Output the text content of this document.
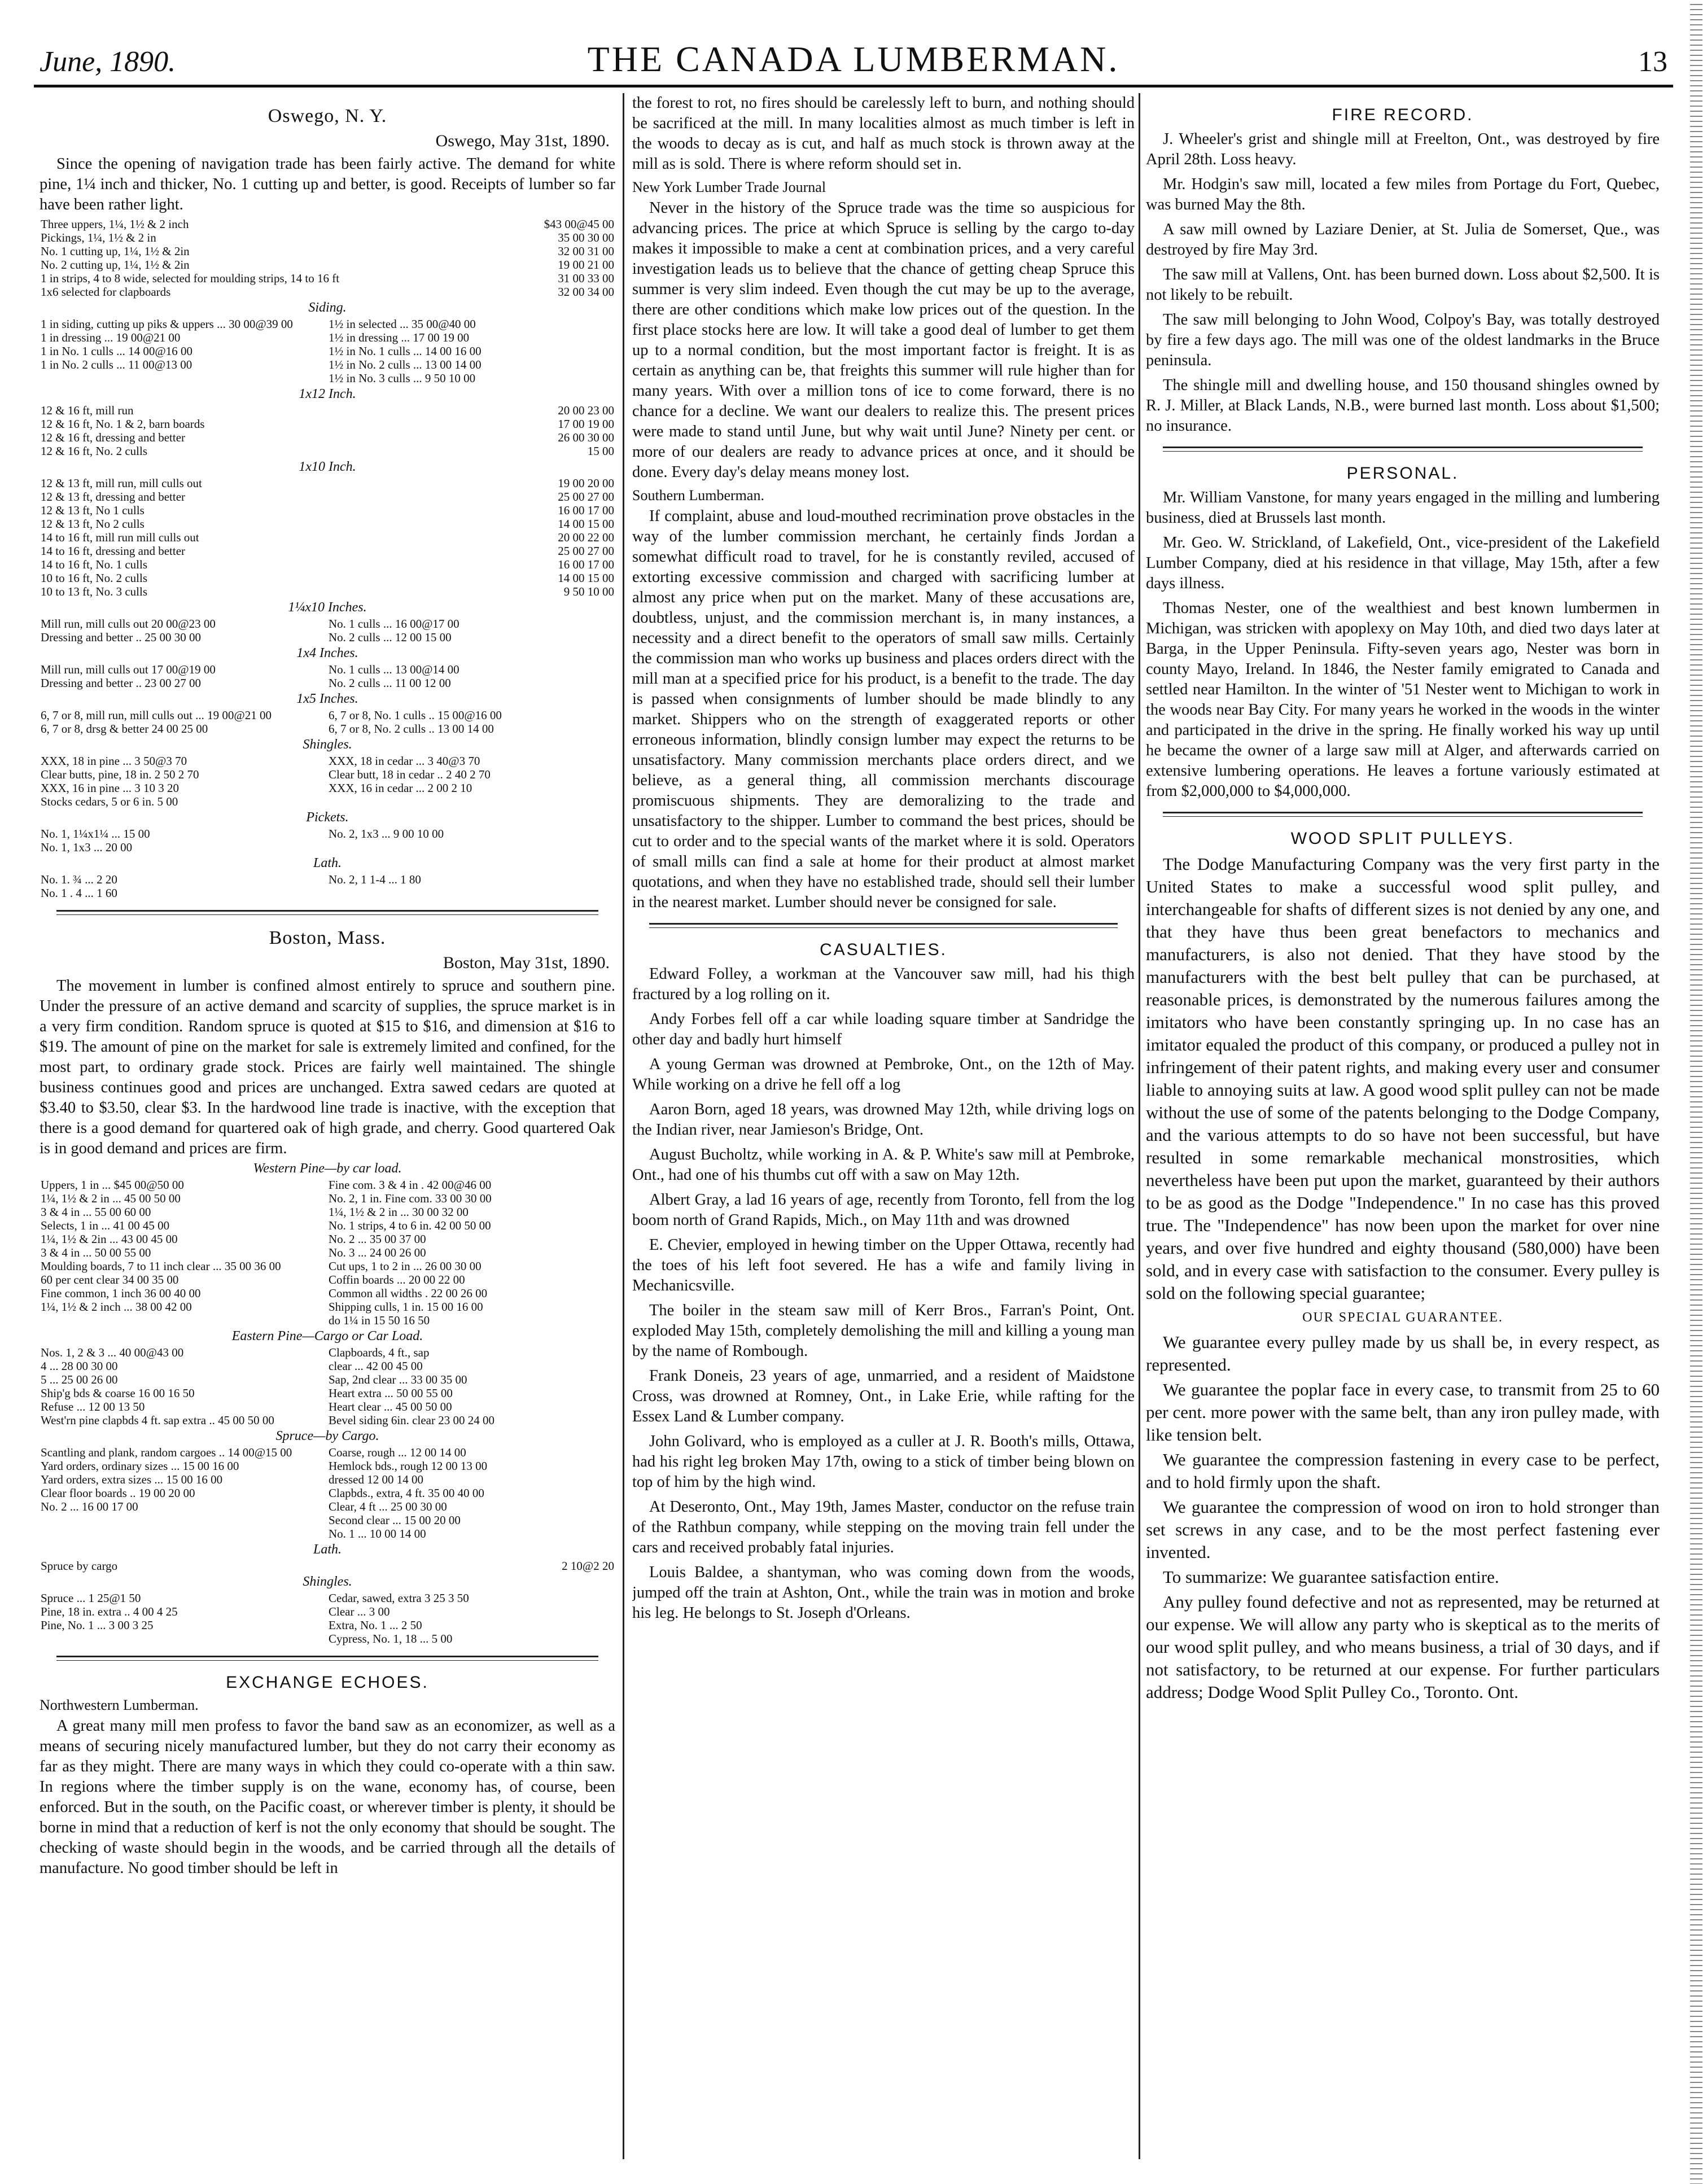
June, 1890.	THE CANADA LUMBERMAN.	13
Oswego, N. Y.
Oswego, May 31st, 1890.

Since the opening of navigation trade has been fairly active. The demand for white pine, 1¼ inch and thicker, No. 1 cutting up and better, is good. Receipts of lumber so far have been rather light.

Three uppers, 1¼, 1½ & 2 inch	$43 00@45 00
Pickings, 1¼, 1½ & 2 in	35 00 30 00
No. 1 cutting up, 1¼, 1½ & 2in	32 00 31 00
No. 2 cutting up, 1¼, 1½ & 2in	19 00 21 00
1 in strips, 4 to 8 wide, selected for moulding strips, 14 to 16 ft	31 00 33 00
1x6 selected for clapboards	32 00 34 00
Siding.
1 in siding, cutting up piks & uppers ... 30 00@39 00	1½ in selected ... 35 00@40 00
1 in dressing ... 19 00@21 00	1½ in dressing ... 17 00 19 00
1 in No. 1 culls ... 14 00@16 00	1½ in No. 1 culls ... 14 00 16 00
1 in No. 2 culls ... 11 00@13 00	1½ in No. 2 culls ... 13 00 14 00
	1½ in No. 3 culls ... 9 50 10 00
1x12 Inch.
12 & 16 ft, mill run	20 00 23 00
12 & 16 ft, No. 1 & 2, barn boards	17 00 19 00
12 & 16 ft, dressing and better	26 00 30 00
12 & 16 ft, No. 2 culls	15 00
1x10 Inch.
12 & 13 ft, mill run, mill culls out	19 00 20 00
12 & 13 ft, dressing and better	25 00 27 00
12 & 13 ft, No 1 culls	16 00 17 00
12 & 13 ft, No 2 culls	14 00 15 00
14 to 16 ft, mill run mill culls out	20 00 22 00
14 to 16 ft, dressing and better	25 00 27 00
14 to 16 ft, No. 1 culls	16 00 17 00
10 to 16 ft, No. 2 culls	14 00 15 00
10 to 13 ft, No. 3 culls	9 50 10 00
1¼x10 Inches.
Mill run, mill culls out 20 00@23 00	No. 1 culls ... 16 00@17 00
Dressing and better .. 25 00 30 00	No. 2 culls ... 12 00 15 00
1x4 Inches.
Mill run, mill culls out 17 00@19 00	No. 1 culls ... 13 00@14 00
Dressing and better .. 23 00 27 00	No. 2 culls ... 11 00 12 00
1x5 Inches.
6, 7 or 8, mill run, mill culls out ... 19 00@21 00	6, 7 or 8, No. 1 culls .. 15 00@16 00
6, 7 or 8, drsg & better 24 00 25 00	6, 7 or 8, No. 2 culls .. 13 00 14 00
Shingles.
XXX, 18 in pine ... 3 50@3 70	XXX, 18 in cedar ... 3 40@3 70
Clear butts, pine, 18 in. 2 50 2 70	Clear butt, 18 in cedar .. 2 40 2 70
XXX, 16 in pine ... 3 10 3 20	XXX, 16 in cedar ... 2 00 2 10
Stocks cedars, 5 or 6 in. 5 00	
Pickets.
No. 1, 1¼x1¼ ... 15 00	No. 2, 1x3 ... 9 00 10 00
No. 1, 1x3 ... 20 00	
Lath.
No. 1. ¾ ... 2 20	No. 2, 1 1-4 ... 1 80
No. 1 . 4 ... 1 60	
Boston, Mass.
Boston, May 31st, 1890.

The movement in lumber is confined almost entirely to spruce and southern pine. Under the pressure of an active demand and scarcity of supplies, the spruce market is in a very firm condition. Random spruce is quoted at $15 to $16, and dimension at $16 to $19. The amount of pine on the market for sale is extremely limited and confined, for the most part, to ordinary grade stock. Prices are fairly well maintained. The shingle business continues good and prices are unchanged. Extra sawed cedars are quoted at $3.40 to $3.50, clear $3. In the hardwood line trade is inactive, with the exception that there is a good demand for quartered oak of high grade, and cherry. Good quartered Oak is in good demand and prices are firm.

Western Pine—by car load.
Uppers, 1 in ... $45 00@50 00	Fine com. 3 & 4 in . 42 00@46 00
1¼, 1½ & 2 in ... 45 00 50 00	No. 2, 1 in. Fine com. 33 00 30 00
3 & 4 in ... 55 00 60 00	1¼, 1½ & 2 in ... 30 00 32 00
Selects, 1 in ... 41 00 45 00	No. 1 strips, 4 to 6 in. 42 00 50 00
1¼, 1½ & 2in ... 43 00 45 00	No. 2 ... 35 00 37 00
3 & 4 in ... 50 00 55 00	No. 3 ... 24 00 26 00
Moulding boards, 7 to 11 inch clear ... 35 00 36 00	Cut ups, 1 to 2 in ... 26 00 30 00
60 per cent clear 34 00 35 00	Coffin boards ... 20 00 22 00
Fine common, 1 inch 36 00 40 00	Common all widths . 22 00 26 00
1¼, 1½ & 2 inch ... 38 00 42 00	Shipping culls, 1 in. 15 00 16 00
	do 1¼ in 15 50 16 50
Eastern Pine—Cargo or Car Load.
Nos. 1, 2 & 3 ... 40 00@43 00	Clapboards, 4 ft., sap
4 ... 28 00 30 00	clear ... 42 00 45 00
5 ... 25 00 26 00	Sap, 2nd clear ... 33 00 35 00
Ship'g bds & coarse 16 00 16 50	Heart extra ... 50 00 55 00
Refuse ... 12 00 13 50	Heart clear ... 45 00 50 00
West'rn pine clapbds 4 ft. sap extra .. 45 00 50 00	Bevel siding 6in. clear 23 00 24 00
Spruce—by Cargo.
Scantling and plank, random cargoes .. 14 00@15 00	Coarse, rough ... 12 00 14 00
Yard orders, ordinary sizes ... 15 00 16 00	Hemlock bds., rough 12 00 13 00
Yard orders, extra sizes ... 15 00 16 00	dressed 12 00 14 00
Clear floor boards .. 19 00 20 00	Clapbds., extra, 4 ft. 35 00 40 00
No. 2 ... 16 00 17 00	Clear, 4 ft ... 25 00 30 00
	Second clear ... 15 00 20 00
	No. 1 ... 10 00 14 00
Lath.
Spruce by cargo	2 10@2 20
Shingles.
Spruce ... 1 25@1 50	Cedar, sawed, extra 3 25 3 50
Pine, 18 in. extra .. 4 00 4 25	Clear ... 3 00
Pine, No. 1 ... 3 00 3 25	Extra, No. 1 ... 2 50
	Cypress, No. 1, 18 ... 5 00
EXCHANGE ECHOES.
Northwestern Lumberman.

A great many mill men profess to favor the band saw as an economizer, as well as a means of securing nicely manufactured lumber, but they do not carry their economy as far as they might. There are many ways in which they could co-operate with a thin saw. In regions where the timber supply is on the wane, economy has, of course, been enforced. But in the south, on the Pacific coast, or wherever timber is plenty, it should be borne in mind that a reduction of kerf is not the only economy that should be sought. The checking of waste should begin in the woods, and be carried through all the details of manufacture. No good timber should be left in

the forest to rot, no fires should be carelessly left to burn, and nothing should be sacrificed at the mill. In many localities almost as much timber is left in the woods to decay as is cut, and half as much stock is thrown away at the mill as is sold. There is where reform should set in.

New York Lumber Trade Journal

Never in the history of the Spruce trade was the time so auspicious for advancing prices. The price at which Spruce is selling by the cargo to-day makes it impossible to make a cent at combination prices, and a very careful investigation leads us to believe that the chance of getting cheap Spruce this summer is very slim indeed. Even though the cut may be up to the average, there are other conditions which make low prices out of the question. In the first place stocks here are low. It will take a good deal of lumber to get them up to a normal condition, but the most important factor is freight. It is as certain as anything can be, that freights this summer will rule higher than for many years. With over a million tons of ice to come forward, there is no chance for a decline. We want our dealers to realize this. The present prices were made to stand until June, but why wait until June? Ninety per cent. or more of our dealers are ready to advance prices at once, and it should be done. Every day's delay means money lost.

Southern Lumberman.

If complaint, abuse and loud-mouthed recrimination prove obstacles in the way of the lumber commission merchant, he certainly finds Jordan a somewhat difficult road to travel, for he is constantly reviled, accused of extorting excessive commission and charged with sacrificing lumber at almost any price when put on the market. Many of these accusations are, doubtless, unjust, and the commission merchant is, in many instances, a necessity and a direct benefit to the operators of small saw mills. Certainly the commission man who works up business and places orders direct with the mill man at a specified price for his product, is a benefit to the trade. The day is passed when consignments of lumber should be made blindly to any market. Shippers who on the strength of exaggerated reports or other erroneous information, blindly consign lumber may expect the returns to be unsatisfactory. Many commission merchants place orders direct, and we believe, as a general thing, all commission merchants discourage promiscuous shipments. They are demoralizing to the trade and unsatisfactory to the shipper. Lumber to command the best prices, should be cut to order and to the special wants of the market where it is sold. Operators of small mills can find a sale at home for their product at almost market quotations, and when they have no established trade, should sell their lumber in the nearest market. Lumber should never be consigned for sale.

CASUALTIES.

Edward Folley, a workman at the Vancouver saw mill, had his thigh fractured by a log rolling on it.

Andy Forbes fell off a car while loading square timber at Sandridge the other day and badly hurt himself

A young German was drowned at Pembroke, Ont., on the 12th of May. While working on a drive he fell off a log

Aaron Born, aged 18 years, was drowned May 12th, while driving logs on the Indian river, near Jamieson's Bridge, Ont.

August Bucholtz, while working in A. & P. White's saw mill at Pembroke, Ont., had one of his thumbs cut off with a saw on May 12th.

Albert Gray, a lad 16 years of age, recently from Toronto, fell from the log boom north of Grand Rapids, Mich., on May 11th and was drowned

E. Chevier, employed in hewing timber on the Upper Ottawa, recently had the toes of his left foot severed. He has a wife and family living in Mechanicsville.

The boiler in the steam saw mill of Kerr Bros., Farran's Point, Ont. exploded May 15th, completely demolishing the mill and killing a young man by the name of Rombough.

Frank Doneis, 23 years of age, unmarried, and a resident of Maidstone Cross, was drowned at Romney, Ont., in Lake Erie, while rafting for the Essex Land & Lumber company.

John Golivard, who is employed as a culler at J. R. Booth's mills, Ottawa, had his right leg broken May 17th, owing to a stick of timber being blown on top of him by the high wind.

At Deseronto, Ont., May 19th, James Master, conductor on the refuse train of the Rathbun company, while stepping on the moving train fell under the cars and received probably fatal injuries.

Louis Baldee, a shantyman, who was coming down from the woods, jumped off the train at Ashton, Ont., while the train was in motion and broke his leg. He belongs to St. Joseph d'Orleans.

FIRE RECORD.

J. Wheeler's grist and shingle mill at Freelton, Ont., was destroyed by fire April 28th. Loss heavy.

Mr. Hodgin's saw mill, located a few miles from Portage du Fort, Quebec, was burned May the 8th.

A saw mill owned by Laziare Denier, at St. Julia de Somerset, Que., was destroyed by fire May 3rd.

The saw mill at Vallens, Ont. has been burned down. Loss about $2,500. It is not likely to be rebuilt.

The saw mill belonging to John Wood, Colpoy's Bay, was totally destroyed by fire a few days ago. The mill was one of the oldest landmarks in the Bruce peninsula.

The shingle mill and dwelling house, and 150 thousand shingles owned by R. J. Miller, at Black Lands, N.B., were burned last month. Loss about $1,500; no insurance.

PERSONAL.

Mr. William Vanstone, for many years engaged in the milling and lumbering business, died at Brussels last month.

Mr. Geo. W. Strickland, of Lakefield, Ont., vice-president of the Lakefield Lumber Company, died at his residence in that village, May 15th, after a few days illness.

Thomas Nester, one of the wealthiest and best known lumbermen in Michigan, was stricken with apoplexy on May 10th, and died two days later at Barga, in the Upper Peninsula. Fifty-seven years ago, Nester was born in county Mayo, Ireland. In 1846, the Nester family emigrated to Canada and settled near Hamilton. In the winter of '51 Nester went to Michigan to work in the woods near Bay City. For many years he worked in the woods in the winter and participated in the drive in the spring. He finally worked his way up until he became the owner of a large saw mill at Alger, and afterwards carried on extensive lumbering operations. He leaves a fortune variously estimated at from $2,000,000 to $4,000,000.

WOOD SPLIT PULLEYS.

The Dodge Manufacturing Company was the very first party in the United States to make a successful wood split pulley, and interchangeable for shafts of different sizes is not denied by any one, and that they have thus been great benefactors to mechanics and manufacturers, is also not denied. That they have stood by the manufacturers with the best belt pulley that can be purchased, at reasonable prices, is demonstrated by the numerous failures among the imitators who have been constantly springing up. In no case has an imitator equaled the product of this company, or produced a pulley not in infringement of their patent rights, and making every user and consumer liable to annoying suits at law. A good wood split pulley can not be made without the use of some of the patents belonging to the Dodge Company, and the various attempts to do so have not been successful, but have resulted in some remarkable mechanical monstrosities, which nevertheless have been put upon the market, guaranteed by their authors to be as good as the Dodge "Independence." In no case has this proved true. The "Independence" has now been upon the market for over nine years, and over five hundred and eighty thousand (580,000) have been sold, and in every case with satisfaction to the consumer. Every pulley is sold on the following special guarantee;

OUR SPECIAL GUARANTEE.

We guarantee every pulley made by us shall be, in every respect, as represented.

We guarantee the poplar face in every case, to transmit from 25 to 60 per cent. more power with the same belt, than any iron pulley made, with like tension belt.

We guarantee the compression fastening in every case to be perfect, and to hold firmly upon the shaft.

We guarantee the compression of wood on iron to hold stronger than set screws in any case, and to be the most perfect fastening ever invented.

To summarize: We guarantee satisfaction entire.

Any pulley found defective and not as represented, may be returned at our expense. We will allow any party who is skeptical as to the merits of our wood split pulley, and who means business, a trial of 30 days, and if not satisfactory, to be returned at our expense. For further particulars address; Dodge Wood Split Pulley Co., Toronto. Ont.
